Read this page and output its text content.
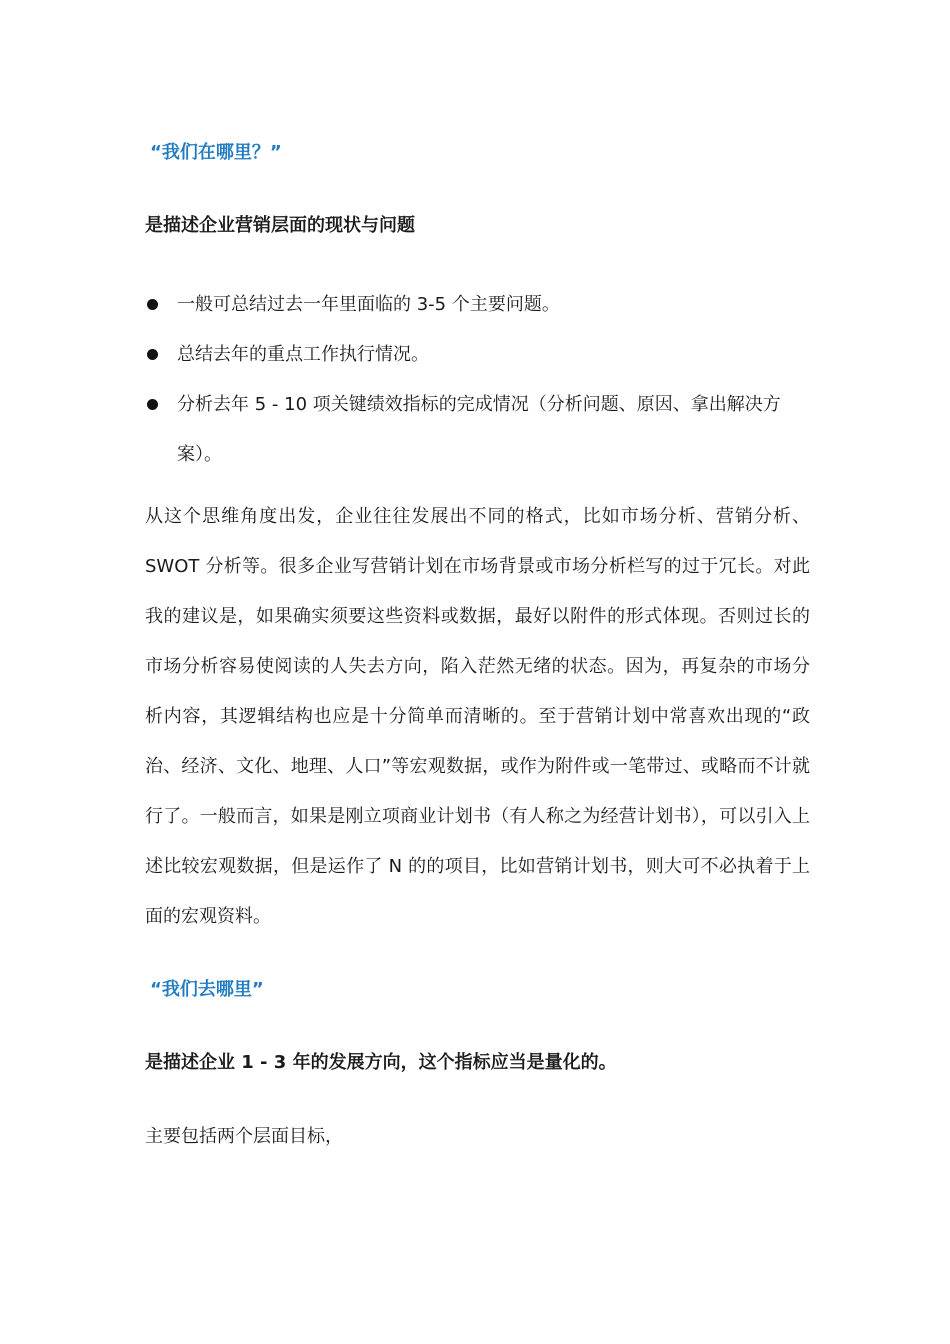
“我们在哪里？”
是描述企业营销层面的现状与问题
一般可总结过去一年里面临的 3-5 个主要问题。
总结去年的重点工作执行情况。
分析去年 5 - 10 项关键绩效指标的完成情况（分析问题、原因、拿出解决方案）。

从这个思维角度出发，企业往往发展出不同的格式，比如市场分析、营销分析、SWOT 分析等。很多企业写营销计划在市场背景或市场分析栏写的过于冗长。对此我的建议是，如果确实须要这些资料或数据，最好以附件的形式体现。否则过长的市场分析容易使阅读的人失去方向，陷入茫然无绪的状态。因为，再复杂的市场分析内容，其逻辑结构也应是十分简单而清晰的。至于营销计划中常喜欢出现的“政治、经济、文化、地理、人口”等宏观数据，或作为附件或一笔带过、或略而不计就行了。一般而言，如果是刚立项商业计划书（有人称之为经营计划书），可以引入上述比较宏观数据，但是运作了 N 的的项目，比如营销计划书，则大可不必执着于上面的宏观资料。

“我们去哪里”
是描述企业 1 - 3 年的发展方向，这个指标应当是量化的。
主要包括两个层面目标，
